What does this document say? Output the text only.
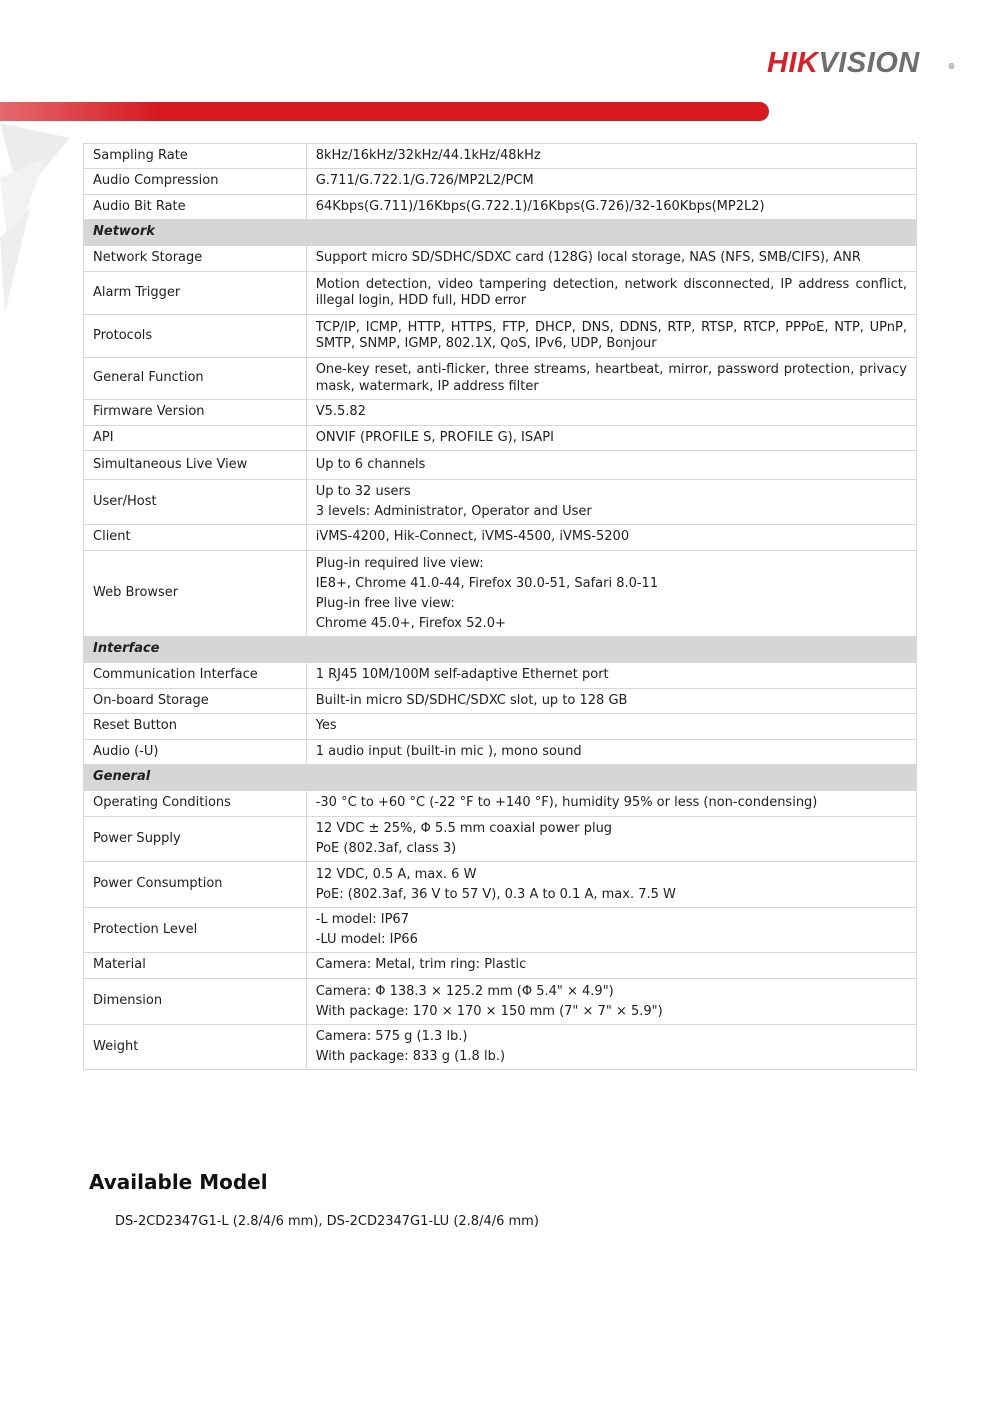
HIKVISION	®
Sampling Rate	8kHz/16kHz/32kHz/44.1kHz/48kHz

Audio Compression	G.711/G.722.1/G.726/MP2L2/PCM

Audio Bit Rate	64Kbps(G.711)/16Kbps(G.722.1)/16Kbps(G.726)/32-160Kbps(MP2L2)

Network	
Network Storage	Support micro SD/SDHC/SDXC card (128G) local storage, NAS (NFS, SMB/CIFS), ANR

Alarm Trigger	Motion detection, video tampering detection, network disconnected, IP address conflict, illegal login, HDD full, HDD error

Protocols	TCP/IP, ICMP, HTTP, HTTPS, FTP, DHCP, DNS, DDNS, RTP, RTSP, RTCP, PPPoE, NTP, UPnP, SMTP, SNMP, IGMP, 802.1X, QoS, IPv6, UDP, Bonjour

General Function	One-key reset, anti-flicker, three streams, heartbeat, mirror, password protection, privacy mask, watermark, IP address filter

Firmware Version	V5.5.82

API	ONVIF (PROFILE S, PROFILE G), ISAPI

Simultaneous Live View	Up to 6 channels

User/Host	Up to 32 users
3 levels: Administrator, Operator and User

Client	iVMS-4200, Hik-Connect, iVMS-4500, iVMS-5200

Web Browser	Plug-in required live view:
IE8+, Chrome 41.0-44, Firefox 30.0-51, Safari 8.0-11
Plug-in free live view:
Chrome 45.0+, Firefox 52.0+

Interface	
Communication Interface	1 RJ45 10M/100M self-adaptive Ethernet port

On-board Storage	Built-in micro SD/SDHC/SDXC slot, up to 128 GB

Reset Button	Yes

Audio (-U)	1 audio input (built-in mic ), mono sound

General	
Operating Conditions	-30 °C to +60 °C (-22 °F to +140 °F), humidity 95% or less (non-condensing)

Power Supply	12 VDC ± 25%, Φ 5.5 mm coaxial power plug
PoE (802.3af, class 3)

Power Consumption	12 VDC, 0.5 A, max. 6 W
PoE: (802.3af, 36 V to 57 V), 0.3 A to 0.1 A, max. 7.5 W

Protection Level	-L model: IP67
-LU model: IP66

Material	Camera: Metal, trim ring: Plastic

Dimension	Camera: Φ 138.3 × 125.2 mm (Φ 5.4" × 4.9")
With package: 170 × 170 × 150 mm (7" × 7" × 5.9")

Weight	Camera: 575 g (1.3 lb.)
With package: 833 g (1.8 lb.)
Available Model
DS-2CD2347G1-L (2.8/4/6 mm), DS-2CD2347G1-LU (2.8/4/6 mm)
